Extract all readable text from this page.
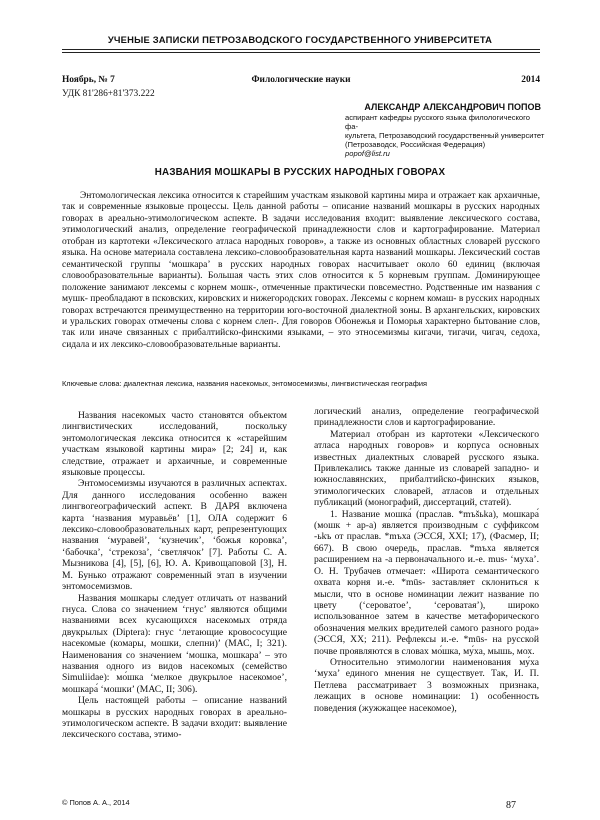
УЧЕНЫЕ ЗАПИСКИ ПЕТРОЗАВОДСКОГО ГОСУДАРСТВЕННОГО УНИВЕРСИТЕТА
Ноябрь, № 7	Филологические науки	2014
УДК 81'286+81'373.222
АЛЕКСАНДР АЛЕКСАНДРОВИЧ ПОПОВ
аспирант кафедры русского языка филологического фа-
культета, Петрозаводский государственный университет
(Петрозаводск, Российская Федерация)
popof@list.ru
НАЗВАНИЯ МОШКАРЫ В РУССКИХ НАРОДНЫХ ГОВОРАХ

Энтомологическая лексика относится к старейшим участкам языковой картины мира и отражает как архаичные, так и современные языковые процессы. Цель данной работы – описание названий мошкары в русских народных говорах в ареально-этимологическом аспекте. В задачи исследования входит: выявление лексического состава, этимологический анализ, определение географической принадлежности слов и картографирование. Материал отобран из картотеки «Лексического атласа народных говоров», а также из основных областных словарей русского языка. На основе материала составлена лексико-словообразовательная карта названий мошкары. Лексический состав семантической группы ‘мошкара’ в русских народных говорах насчитывает около 60 единиц (включая словообразовательные варианты). Большая часть этих слов относится к 5 корневым группам. Доминирующее положение занимают лексемы с корнем мошк-, отмеченные практически повсеместно. Родственные им названия с мушк- преобладают в псковских, кировских и нижегородских говорах. Лексемы с корнем комаш- в русских народных говорах встречаются преимущественно на территории юго-восточной диалектной зоны. В архангельских, кировских и уральских говорах отмечены слова с корнем слеп-. Для говоров Обонежья и Поморья характерно бытование слов, так или иначе связанных с прибалтийско-финскими языками, – это этносемизмы кигачи, тигачи, чигач, седоха, сидала и их лексико-словообразовательные варианты.

Ключевые слова: диалектная лексика, названия насекомых, энтомосемизмы, лингвистическая география

Названия насекомых часто становятся объектом лингвистических исследований, поскольку энтомологическая лексика относится к «старейшим участкам языковой картины мира» [2; 24] и, как следствие, отражает и архаичные, и современные языковые процессы.

Энтомосемизмы изучаются в различных аспектах. Для данного исследования особенно важен лингвогеографический аспект. В ДАРЯ включена карта ‘названия муравьёв’ [1], ОЛА содержит 6 лексико-словообразовательных карт, репрезентующих названия ‘муравей’, ‘кузнечик’, ‘божья коровка’, ‘бабочка’, ‘стрекоза’, ‘светлячок’ [7]. Работы С. А. Мызникова [4], [5], [6], Ю. А. Кривощаповой [3], Н. М. Бунько отражают современный этап в изучении энтомосемизмов.

Названия мошкары следует отличать от названий гнуса. Слова со значением ‘гнус’ являются общими названиями всех кусающихся насекомых отряда двукрылых (Diptera): гнус ‘летающие кровососущие насекомые (комары, мошки, слепни)’ (МАС, I; 321). Наименования со значением ‘мошка, мошкара’ – это названия одного из видов насекомых (семейство Simuliidae): мо́шка ‘мелкое двукрылое насекомое’, мошкара́ ‘мошки’ (МАС, II; 306).

Цель настоящей работы – описание названий мошкары в русских народных говорах в ареально-этимологическом аспекте. В задачи входит: выявление лексического состава, этимо-

логический анализ, определение географической принадлежности слов и картографирование.

Материал отобран из картотеки «Лексического атласа народных говоров» и корпуса основных известных диалектных словарей русского языка. Привлекались также данные из словарей западно- и южнославянских, прибалтийско-финских языков, этимологических словарей, атласов и отдельных публикаций (монографий, диссертаций, статей).

1. Название мошка́ (праслав. *mъšьka), мошкара́ (мошк + ар-а) является производным с суффиксом -ьkъ от праслав. *mъха (ЭССЯ, XXI; 17), (Фасмер, II; 667). В свою очередь, праслав. *mъха является расширением на -а первоначального и.-е. mus- ‘муха’. О. Н. Трубачев отмечает: «Широта семантического охвата корня и.-е. *mūs- заставляет склониться к мысли, что в основе номинации лежит название по цвету (‘сероватое’, ‘сероватая’), широко использованное затем в качестве метафорического обозначения мелких вредителей самого разного рода» (ЭССЯ, XX; 211). Рефлексы и.-е. *mūs- на русской почве проявляются в словах мо́шка, му́ха, мышь, мох.

Относительно этимологии наименования му́ха ‘муха’ единого мнения не существует. Так, И. П. Петлева рассматривает 3 возможных признака, лежащих в основе номинации: 1) особенность поведения (жужжащее насекомое),

© Попов А. А., 2014	87
